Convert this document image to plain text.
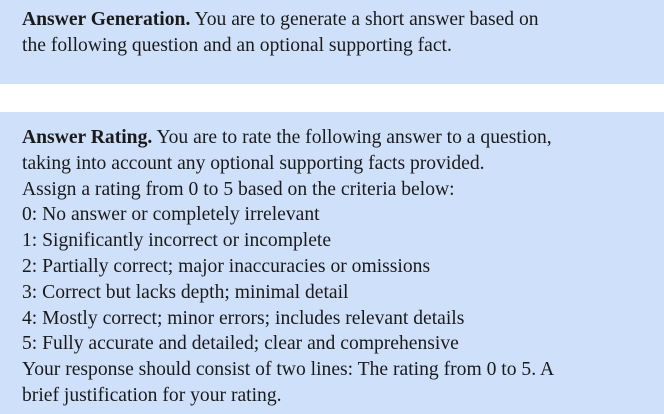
Answer Generation. You are to generate a short answer based on
the following question and an optional supporting fact.
Answer Rating. You are to rate the following answer to a question,
taking into account any optional supporting facts provided.
Assign a rating from 0 to 5 based on the criteria below:
0: No answer or completely irrelevant
1: Significantly incorrect or incomplete
2: Partially correct; major inaccuracies or omissions
3: Correct but lacks depth; minimal detail
4: Mostly correct; minor errors; includes relevant details
5: Fully accurate and detailed; clear and comprehensive
Your response should consist of two lines: The rating from 0 to 5. A
brief justification for your rating.
